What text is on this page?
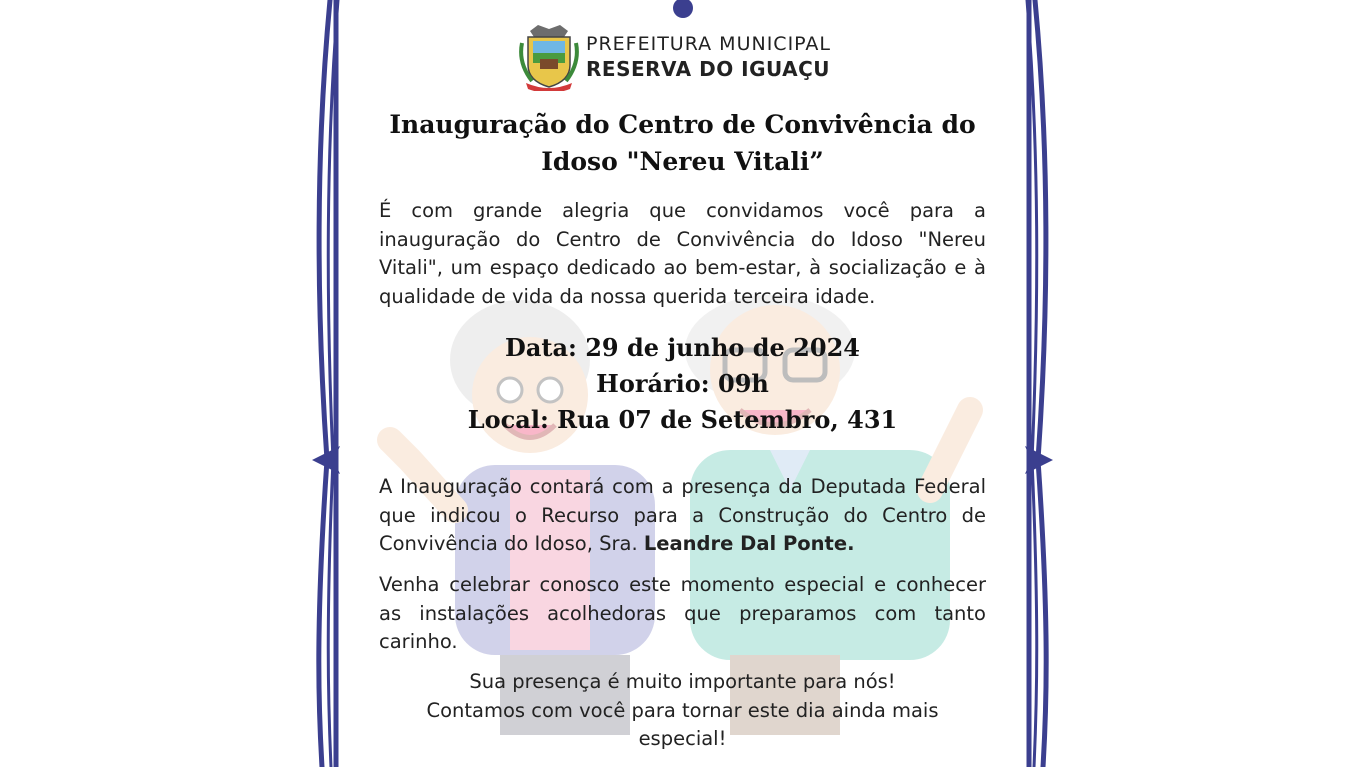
PREFEITURA MUNICIPAL
RESERVA DO IGUAÇU
Inauguração do Centro de Convivência do
Idoso "Nereu Vitali”

É com grande alegria que convidamos você para a inauguração do Centro de Convivência do Idoso "Nereu Vitali", um espaço dedicado ao bem-estar, à socialização e à qualidade de vida da nossa querida terceira idade.

Data: 29 de junho de 2024
Horário: 09h
Local: Rua 07 de Setembro, 431

A Inauguração contará com a presença da Deputada Federal que indicou o Recurso para a Construção do Centro de Convivência do Idoso, Sra. Leandre Dal Ponte.

Venha celebrar conosco este momento especial e conhecer as instalações acolhedoras que preparamos com tanto carinho.

Sua presença é muito importante para nós!
Contamos com você para tornar este dia ainda mais especial!
